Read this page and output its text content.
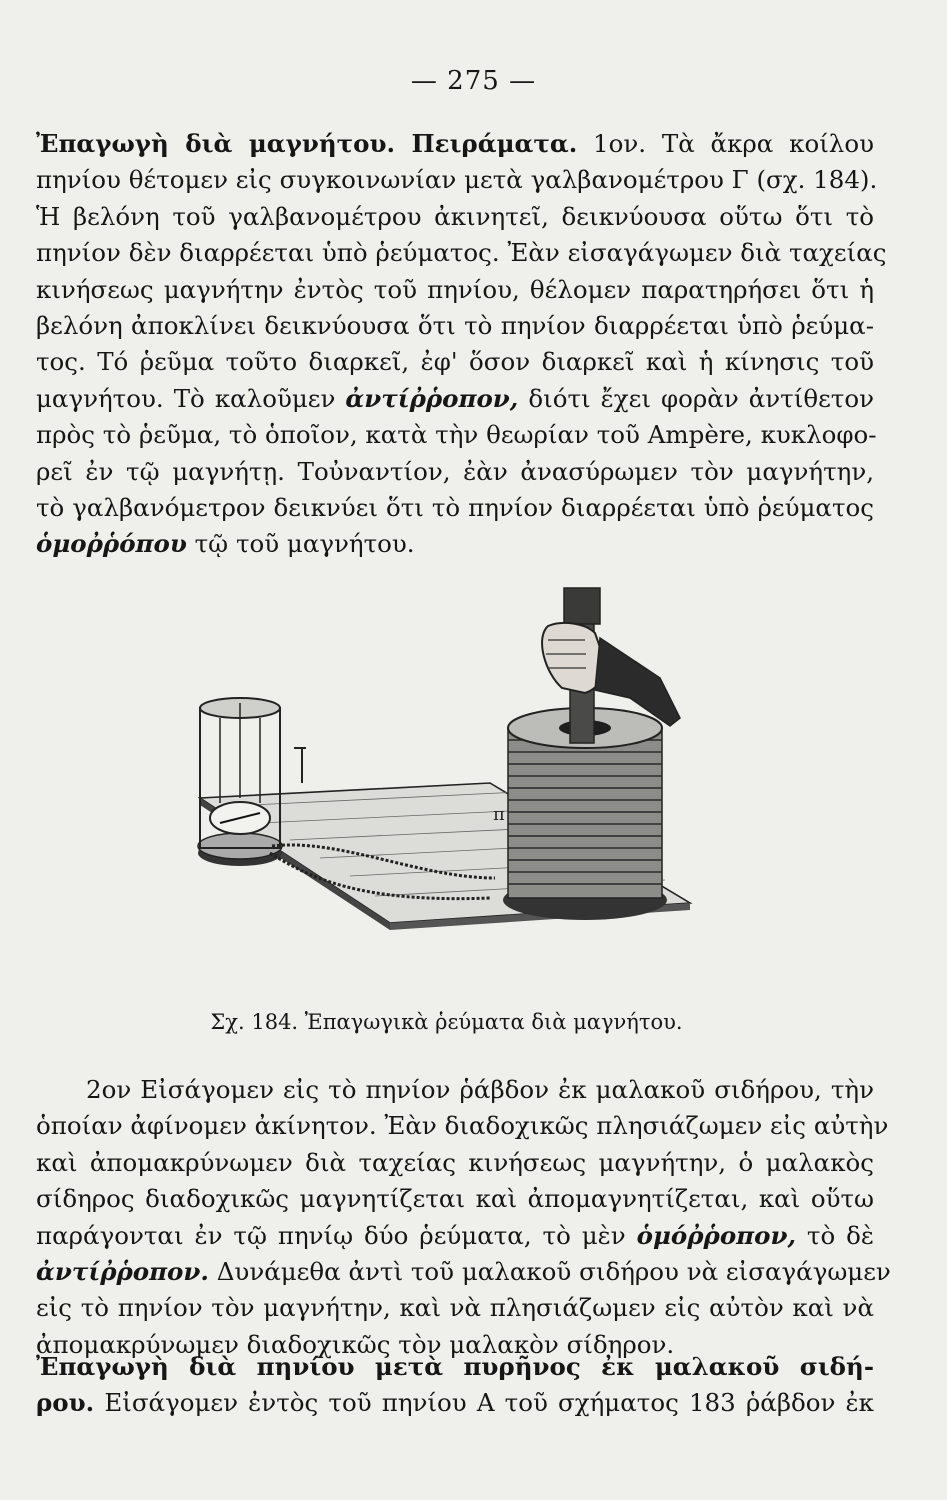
— 275 —
Ἐπαγωγὴ διὰ μαγνήτου. Πειράματα. 1ον. Τὰ ἄκρα κοίλου
πηνίου θέτομεν εἰς συγκοινωνίαν μετὰ γαλβανομέτρου Γ (σχ. 184).
Ἡ βελόνη τοῦ γαλβανομέτρου ἀκινητεῖ, δεικνύουσα οὕτω ὅτι τὸ
πηνίον δὲν διαρρέεται ὑπὸ ῥεύματος. Ἐὰν εἰσαγάγωμεν διὰ ταχείας
κινήσεως μαγνήτην ἐντὸς τοῦ πηνίου, θέλομεν παρατηρήσει ὅτι ἡ
βελόνη ἀποκλίνει δεικνύουσα ὅτι τὸ πηνίον διαρρέεται ὑπὸ ῥεύμα-
τος. Τό ῥεῦμα τοῦτο διαρκεῖ, ἐφ' ὅσον διαρκεῖ καὶ ἡ κίνησις τοῦ
μαγνήτου. Τὸ καλοῦμεν ἀντίῤῥοπον, διότι ἔχει φορὰν ἀντίθετον
πρὸς τὸ ῥεῦμα, τὸ ὁποῖον, κατὰ τὴν θεωρίαν τοῦ Ampère, κυκλοφο-
ρεῖ ἐν τῷ μαγνήτῃ. Τοὐναντίον, ἐὰν ἀνασύρωμεν τὸν μαγνήτην,
τὸ γαλβανόμετρον δεικνύει ὅτι τὸ πηνίον διαρρέεται ὑπὸ ῥεύματος
ὁμοῤῥόπου τῷ τοῦ μαγνήτου.
π
Σχ. 184. Ἐπαγωγικὰ ῥεύματα διὰ μαγνήτου.
2ον Εἰσάγομεν εἰς τὸ πηνίον ῥάβδον ἐκ μαλακοῦ σιδήρου, τὴν
ὁποίαν ἀφίνομεν ἀκίνητον. Ἐὰν διαδοχικῶς πλησιάζωμεν εἰς αὐτὴν
καὶ ἀπομακρύνωμεν διὰ ταχείας κινήσεως μαγνήτην, ὁ μαλακὸς
σίδηρος διαδοχικῶς μαγνητίζεται καὶ ἀπομαγνητίζεται, καὶ οὕτω
παράγονται ἐν τῷ πηνίῳ δύο ῥεύματα, τὸ μὲν ὁμόῤῥοπον, τὸ δὲ
ἀντίῤῥοπον. Δυνάμεθα ἀντὶ τοῦ μαλακοῦ σιδήρου νὰ εἰσαγάγωμεν
εἰς τὸ πηνίον τὸν μαγνήτην, καὶ νὰ πλησιάζωμεν εἰς αὐτὸν καὶ νὰ
ἀπομακρύνωμεν διαδοχικῶς τὸν μαλακὸν σίδηρον.
Ἐπαγωγὴ διὰ πηνίου μετὰ πυρῆνος ἐκ μαλακοῦ σιδή-
ρου. Εἰσάγομεν ἐντὸς τοῦ πηνίου Α τοῦ σχήματος 183 ῥάβδον ἐκ
